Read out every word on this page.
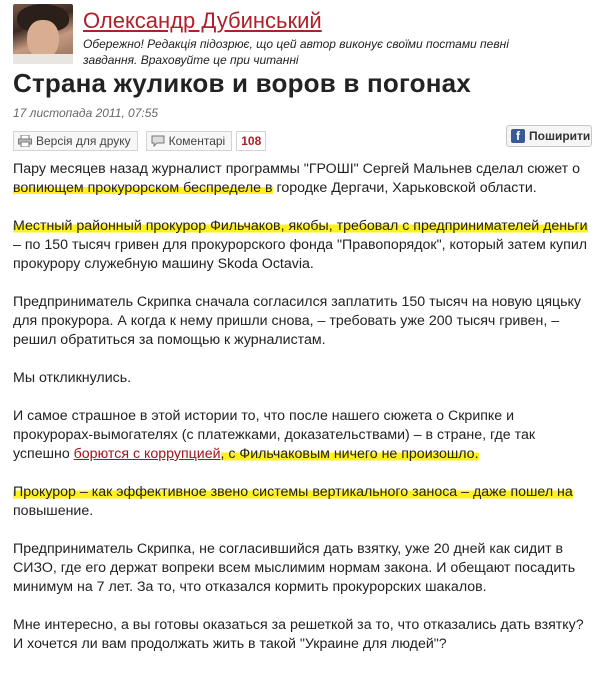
Олександр Дубинський
Обережно! Редакція підозрює, що цей автор виконує своїми постами певні завдання. Враховуйте це при читанні
Страна жуликов и воров в погонах
17 листопада 2011, 07:55
Версія для друку	Коментарі	108	f Поширити

Пару месяцев назад журналист программы "ГРОШІ" Сергей Мальнев сделал сюжет о вопиющем прокурорском беспределе в городке Дергачи, Харьковской области.

Местный районный прокурор Фильчаков, якобы, требовал с предпринимателей деньги – по 150 тысяч гривен для прокурорского фонда "Правопорядок", который затем купил прокурору служебную машину Skoda Octavia.

Предприниматель Скрипка сначала согласился заплатить 150 тысяч на новую цяцьку для прокурора. А когда к нему пришли снова, – требовать уже 200 тысяч гривен, – решил обратиться за помощью к журналистам.

Мы откликнулись.

И самое страшное в этой истории то, что после нашего сюжета о Скрипке и прокурорах-вымогателях (с платежками, доказательствами) – в стране, где так успешно борются с коррупцией, с Фильчаковым ничего не произошло.

Прокурор – как эффективное звено системы вертикального заноса – даже пошел на повышение.

Предприниматель Скрипка, не согласившийся дать взятку, уже 20 дней как сидит в СИЗО, где его держат вопреки всем мыслимим нормам закона. И обещают посадить минимум на 7 лет. За то, что отказался кормить прокурорских шакалов.

Мне интересно, а вы готовы оказаться за решеткой за то, что отказались дать взятку? И хочется ли вам продолжать жить в такой "Украине для людей"?
